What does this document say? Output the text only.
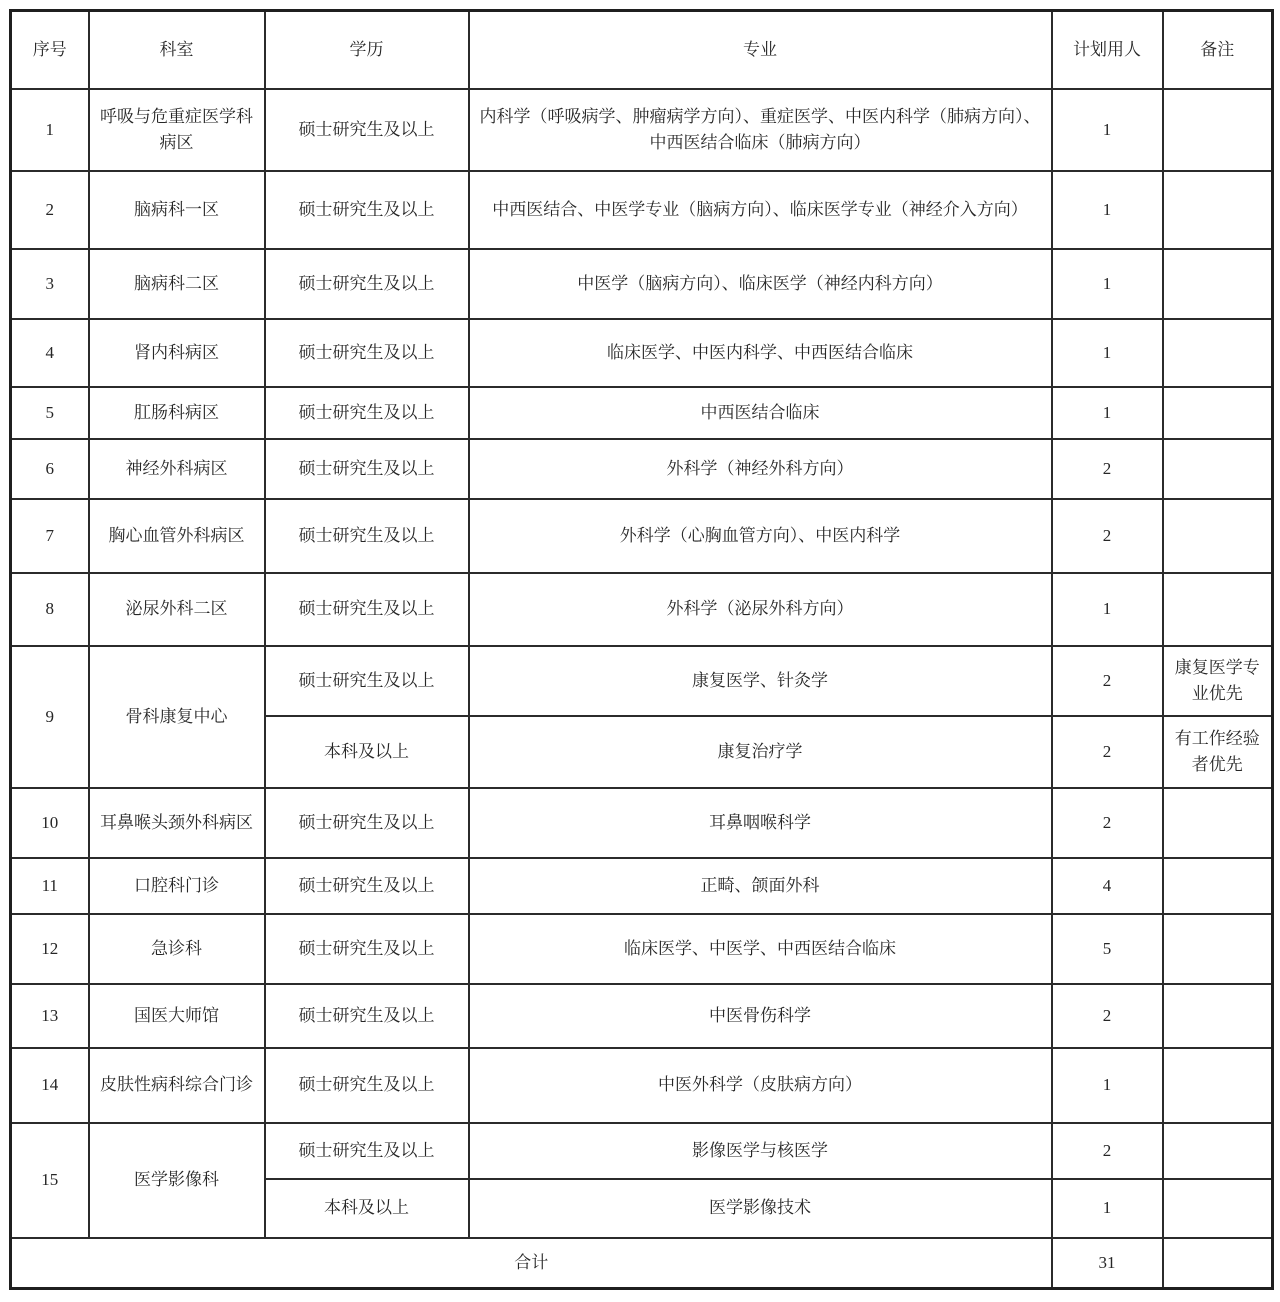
序号	科室	学历	专业	计划用人	备注
1	呼吸与危重症医学科病区	硕士研究生及以上	内科学（呼吸病学、肿瘤病学方向）、重症医学、中医内科学（肺病方向）、中西医结合临床（肺病方向）	1	
2	脑病科一区	硕士研究生及以上	中西医结合、中医学专业（脑病方向）、临床医学专业（神经介入方向）	1	
3	脑病科二区	硕士研究生及以上	中医学（脑病方向）、临床医学（神经内科方向）	1	
4	肾内科病区	硕士研究生及以上	临床医学、中医内科学、中西医结合临床	1	
5	肛肠科病区	硕士研究生及以上	中西医结合临床	1	
6	神经外科病区	硕士研究生及以上	外科学（神经外科方向）	2	
7	胸心血管外科病区	硕士研究生及以上	外科学（心胸血管方向）、中医内科学	2	
8	泌尿外科二区	硕士研究生及以上	外科学（泌尿外科方向）	1	
9	骨科康复中心	硕士研究生及以上	康复医学、针灸学	2	康复医学专业优先
		本科及以上	康复治疗学	2	有工作经验者优先
10	耳鼻喉头颈外科病区	硕士研究生及以上	耳鼻咽喉科学	2	
11	口腔科门诊	硕士研究生及以上	正畸、颌面外科	4	
12	急诊科	硕士研究生及以上	临床医学、中医学、中西医结合临床	5	
13	国医大师馆	硕士研究生及以上	中医骨伤科学	2	
14	皮肤性病科综合门诊	硕士研究生及以上	中医外科学（皮肤病方向）	1	
15	医学影像科	硕士研究生及以上	影像医学与核医学	2	
		本科及以上	医学影像技术	1	
合计				31	
